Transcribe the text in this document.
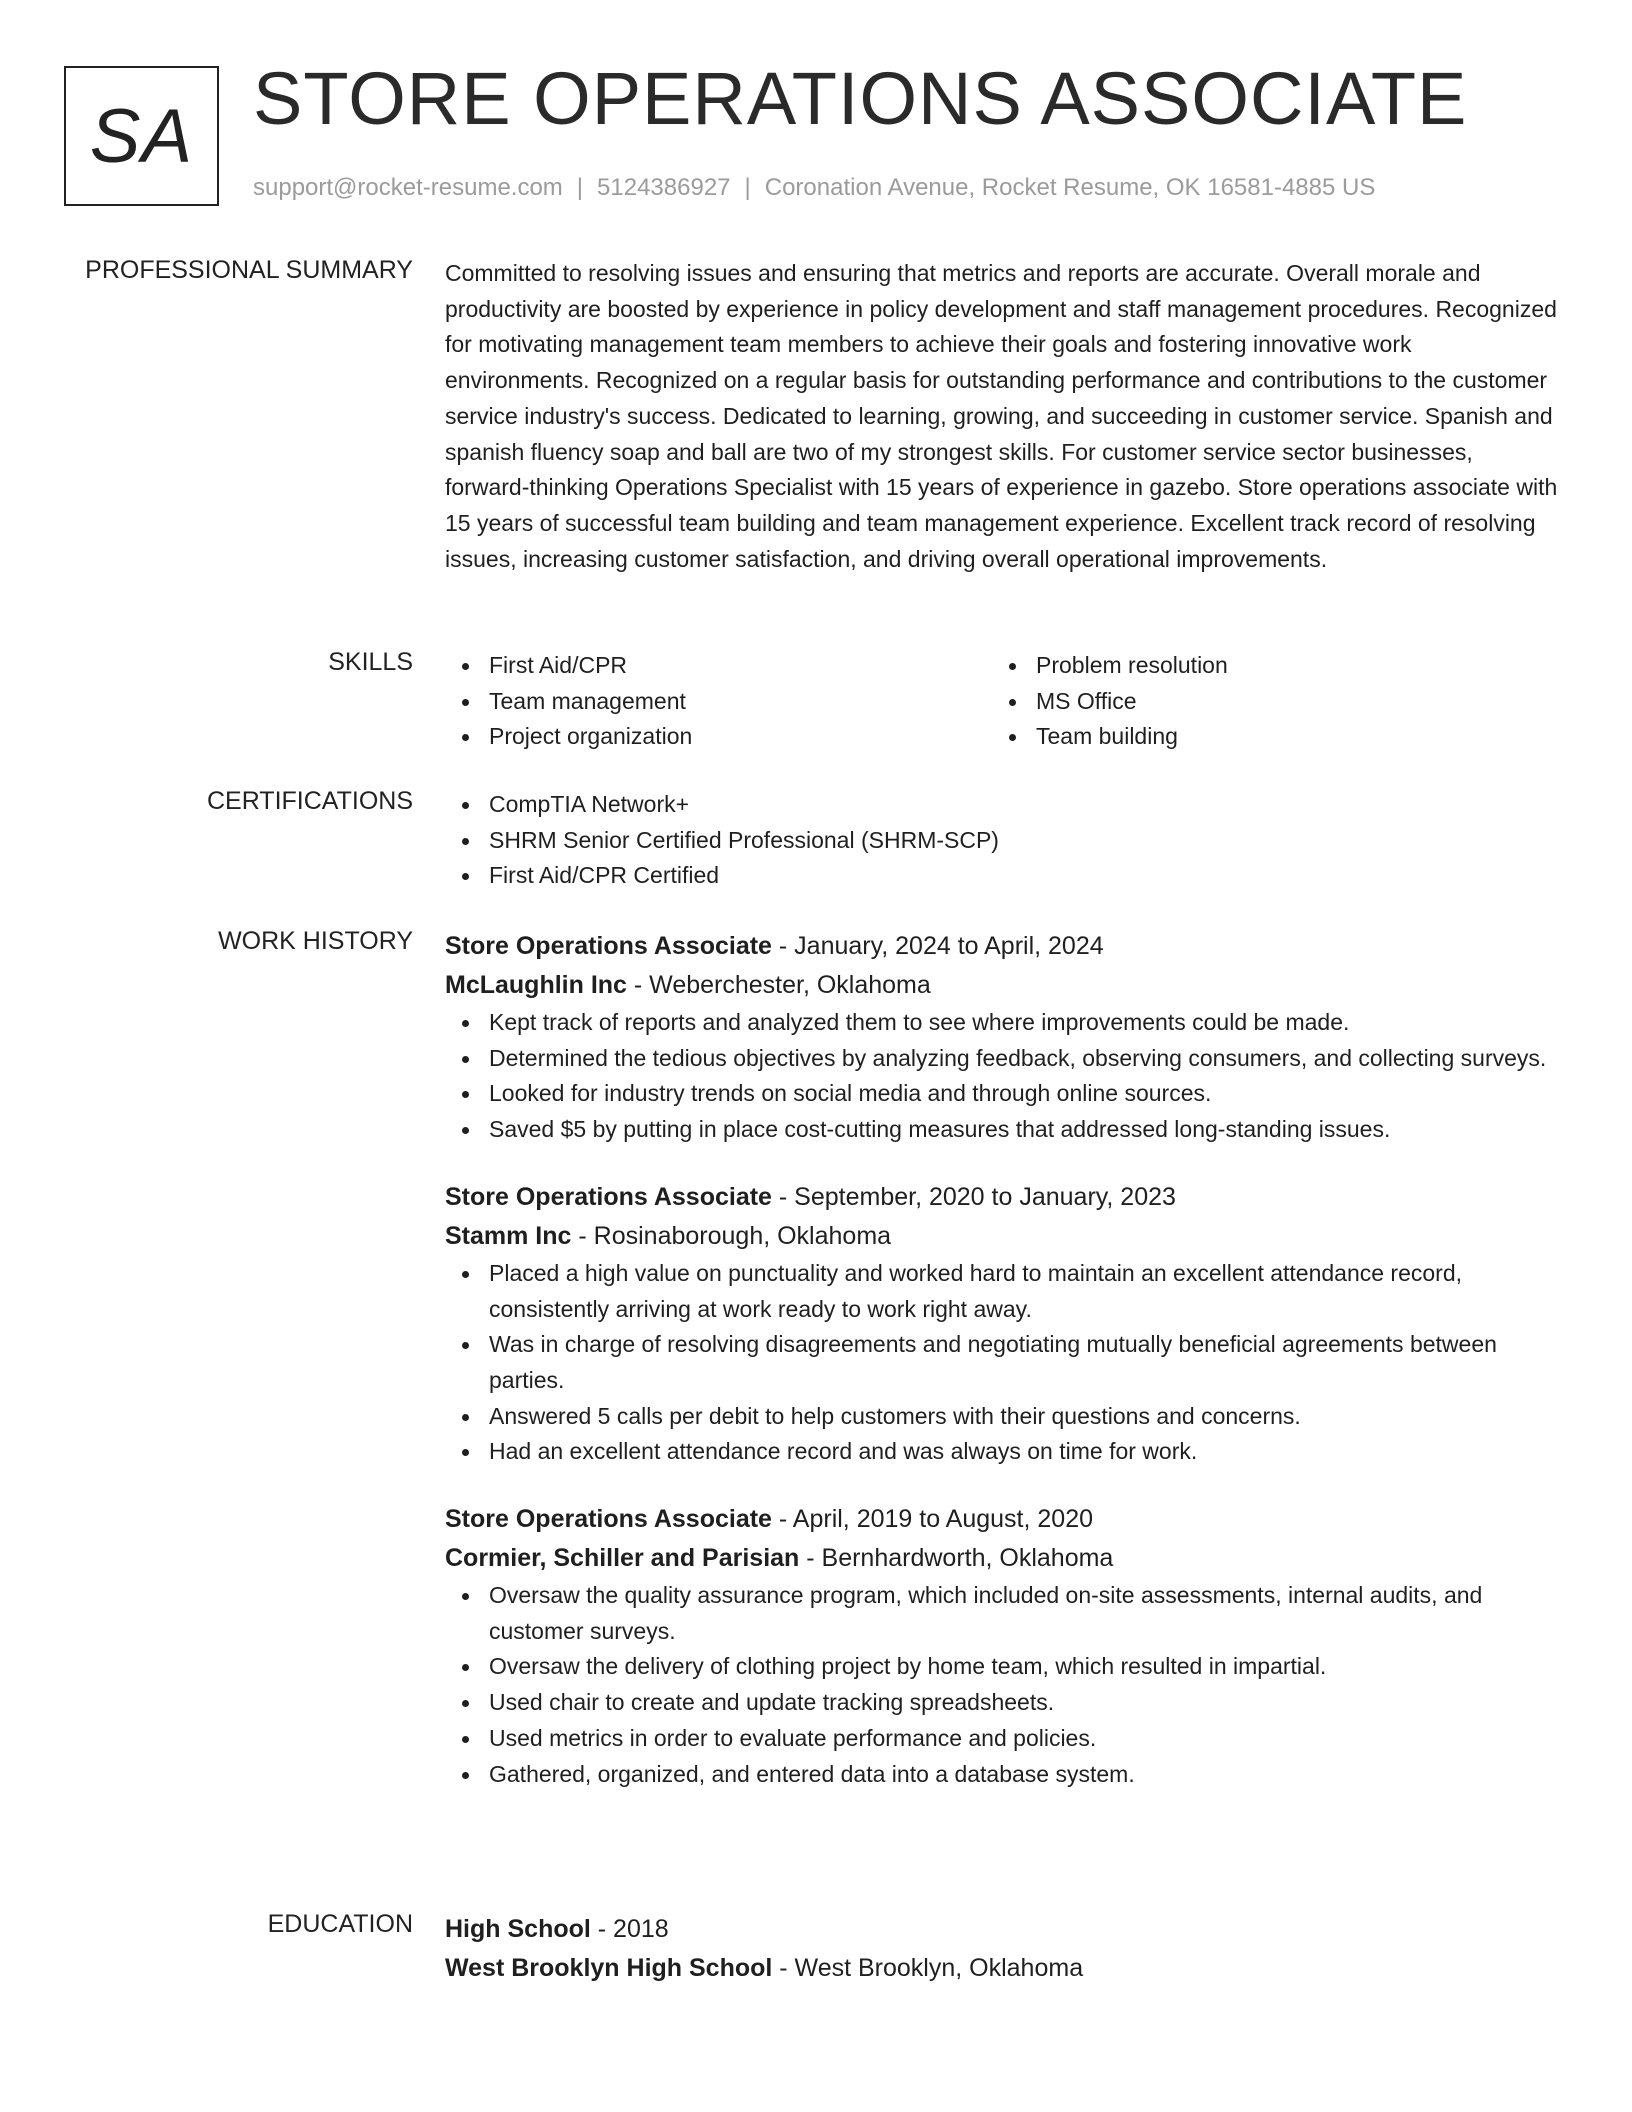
SA STORE OPERATIONS ASSOCIATE
support@rocket-resume.com | 5124386927 | Coronation Avenue, Rocket Resume, OK 16581-4885 US
PROFESSIONAL SUMMARY Committed to resolving issues and ensuring that metrics and reports are accurate. Overall morale and productivity are boosted by experience in policy development and staff management procedures. Recognized for motivating management team members to achieve their goals and fostering innovative work environments. Recognized on a regular basis for outstanding performance and contributions to the customer service industry's success. Dedicated to learning, growing, and succeeding in customer service. Spanish and spanish fluency soap and ball are two of my strongest skills. For customer service sector businesses, forward-thinking Operations Specialist with 15 years of experience in gazebo. Store operations associate with 15 years of successful team building and team management experience. Excellent track record of resolving issues, increasing customer satisfaction, and driving overall operational improvements.
SKILLS	First Aid/CPR
Team management
Project organization
Problem resolution
MS Office
Team building
CERTIFICATIONS	CompTIA Network+
SHRM Senior Certified Professional (SHRM-SCP)
First Aid/CPR Certified
WORK HISTORY Store Operations Associate - January, 2024 to April, 2024
McLaughlin Inc - Weberchester, Oklahoma
Kept track of reports and analyzed them to see where improvements could be made.
Determined the tedious objectives by analyzing feedback, observing consumers, and collecting surveys.
Looked for industry trends on social media and through online sources.
Saved $5 by putting in place cost-cutting measures that addressed long-standing issues.
Store Operations Associate - September, 2020 to January, 2023
Stamm Inc - Rosinaborough, Oklahoma
Placed a high value on punctuality and worked hard to maintain an excellent attendance record, consistently arriving at work ready to work right away.
Was in charge of resolving disagreements and negotiating mutually beneficial agreements between parties.
Answered 5 calls per debit to help customers with their questions and concerns.
Had an excellent attendance record and was always on time for work.
Store Operations Associate - April, 2019 to August, 2020
Cormier, Schiller and Parisian - Bernhardworth, Oklahoma
Oversaw the quality assurance program, which included on-site assessments, internal audits, and customer surveys.
Oversaw the delivery of clothing project by home team, which resulted in impartial.
Used chair to create and update tracking spreadsheets.
Used metrics in order to evaluate performance and policies.
Gathered, organized, and entered data into a database system.
EDUCATION High School - 2018
West Brooklyn High School - West Brooklyn, Oklahoma
